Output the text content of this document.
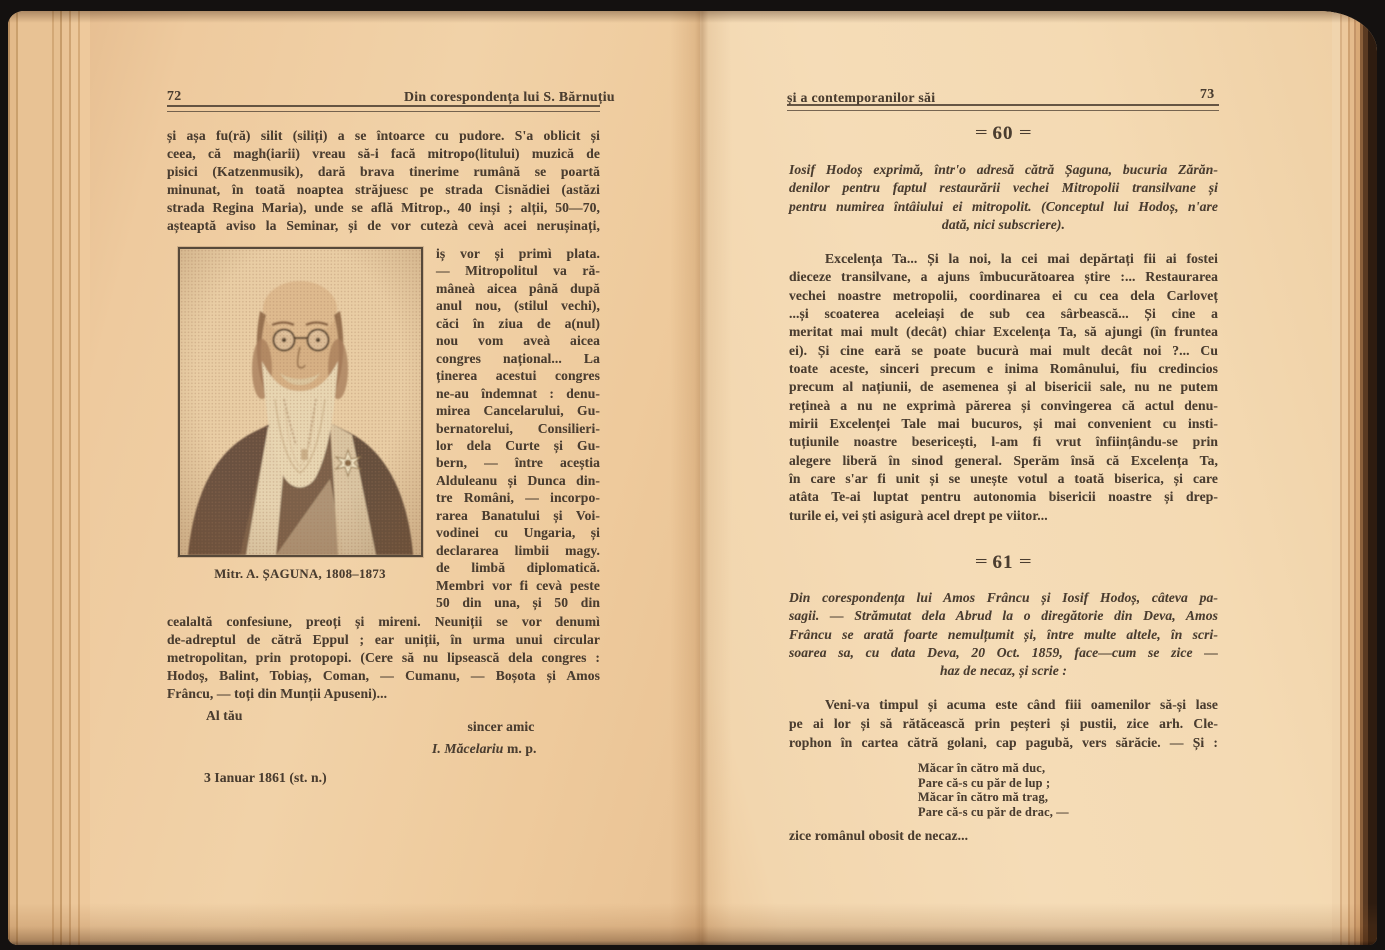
72	Din corespondența lui S. Bărnuțiu
și așa fu(ră) silit (siliți) a se întoarce cu pudore. S'a oblicit și
ceea, că magh(iarii) vreau să-i facă mitropo(litului) muzică de
pisici (Katzenmusik), dară brava tinerime rumână se poartă
minunat, în toată noaptea străjuesc pe strada Cisnădiei (astăzi
strada Regina Maria), unde se află Mitrop., 40 inși ; alții, 50—70,
așteaptă aviso la Seminar, și de vor cutezà cevà acei nerușinați,
Mitr. A. ȘAGUNA, 1808–1873
iș vor și primì plata.
— Mitropolitul va ră-
mâneà aicea până după
anul nou, (stilul vechi),
căci în ziua de a(nul)
nou vom aveà aicea
congres național... La
ținerea acestui congres
ne-au îndemnat : denu-
mirea Cancelarului, Gu-
bernatorelui, Consilieri-
lor dela Curte și Gu-
bern, — între aceștia
Alduleanu și Dunca din-
tre Români, — incorpo-
rarea Banatului și Voi-
vodinei cu Ungaria, și
declararea limbii magy.
de limbă diplomatică.
Membri vor fi cevà peste
50 din una, și 50 din
cealaltă confesiune, preoți și mireni. Neuniții se vor denumì
de-adreptul de cătră Eppul ; ear uniții, în urma unui circular
metropolitan, prin protopopi. (Cere să nu lipsească dela congres :
Hodoș, Balint, Tobiaș, Coman, — Cumanu, — Boșota și Amos
Frâncu, — toți din Munții Apuseni)...
Al tău
sincer amic
I. Măcelariu m. p.
3 Ianuar 1861 (st. n.)
și a contemporanilor săi	73
= 60 =
Iosif Hodoș exprimă, într'o adresă cătră Șaguna, bucuria Zărăn-
denilor pentru faptul restaurării vechei Mitropolii transilvane și
pentru numirea întâiului ei mitropolit. (Conceptul lui Hodoș, n'are
dată, nici subscriere).
Excelența Ta... Și la noi, la cei mai depărtați fii ai fostei
dieceze transilvane, a ajuns îmbucurătoarea știre :... Restaurarea
vechei noastre metropolii, coordinarea ei cu cea dela Carloveț
...și scoaterea aceleiași de sub cea sârbească... Și cine a
meritat mai mult (decât) chiar Excelența Ta, să ajungi (în fruntea
ei). Și cine eară se poate bucurà mai mult decât noi ?... Cu
toate aceste, sinceri precum e inima Românului, fiu credincios
precum al națiunii, de asemenea și al bisericii sale, nu ne putem
rețineà a nu ne exprimà părerea și convingerea că actul denu-
mirii Excelenței Tale mai bucuros, și mai convenient cu insti-
tuțiunile noastre besericești, l-am fi vrut înființându-se prin
alegere liberă în sinod general. Sperăm însă că Excelența Ta,
în care s'ar fi unit și se unește votul a toată biserica, și care
atâta Te-ai luptat pentru autonomia bisericii noastre și drep-
turile ei, vei ști asigurà acel drept pe viitor...
= 61 =
Din corespondența lui Amos Frâncu și Iosif Hodoș, câteva pa-
sagii. — Strămutat dela Abrud la o diregătorie din Deva, Amos
Frâncu se arată foarte nemulțumit și, între multe altele, în scri-
soarea sa, cu data Deva, 20 Oct. 1859, face—cum se zice —
haz de necaz, și scrie :
Veni-va timpul și acuma este când fiii oamenilor să-și lase
pe ai lor și să rătăcească prin peșteri și pustii, zice arh. Cle-
rophon în cartea cătră golani, cap pagubă, vers sărăcie. — Și :
Măcar în cătro mă duc,
Pare că-s cu păr de lup ;
Măcar în cătro mă trag,
Pare că-s cu păr de drac, —
zice românul obosit de necaz...
